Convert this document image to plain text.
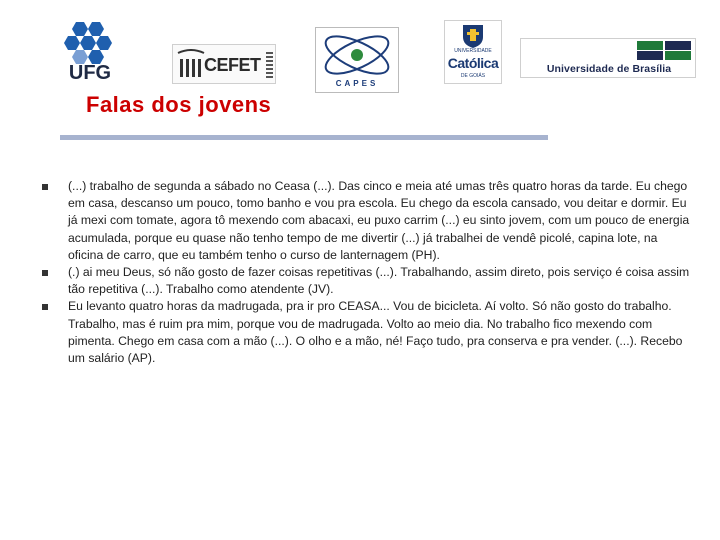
UFG	CEFET
CAPES
UNIVERSIDADE
Católica
DE GOIÁS
Universidade de Brasília
Falas dos jovens
(...) trabalho de segunda a sábado no Ceasa (...). Das cinco e meia até umas três quatro horas da tarde. Eu chego em casa, descanso um pouco, tomo banho e vou pra escola. Eu chego da escola cansado, vou deitar e dormir. Eu já mexi com tomate, agora tô mexendo com abacaxi, eu puxo carrim (...) eu sinto jovem, com um pouco de energia acumulada, porque eu quase não tenho tempo de me divertir (...) já trabalhei de vendê picolé, capina lote, na oficina de carro, que eu também tenho o curso de lanternagem (PH).
(.) ai meu Deus, só não gosto de fazer coisas repetitivas (...). Trabalhando, assim direto, pois serviço é coisa assim tão repetitiva (...). Trabalho como atendente (JV).
Eu levanto quatro horas da madrugada, pra ir pro CEASA... Vou de bicicleta. Aí volto. Só não gosto do trabalho. Trabalho, mas é ruim pra mim, porque vou de madrugada. Volto ao meio dia. No trabalho fico mexendo com pimenta. Chego em casa com a mão (...). O olho e a mão, né! Faço tudo, pra conserva e pra vender. (...). Recebo um salário (AP).
